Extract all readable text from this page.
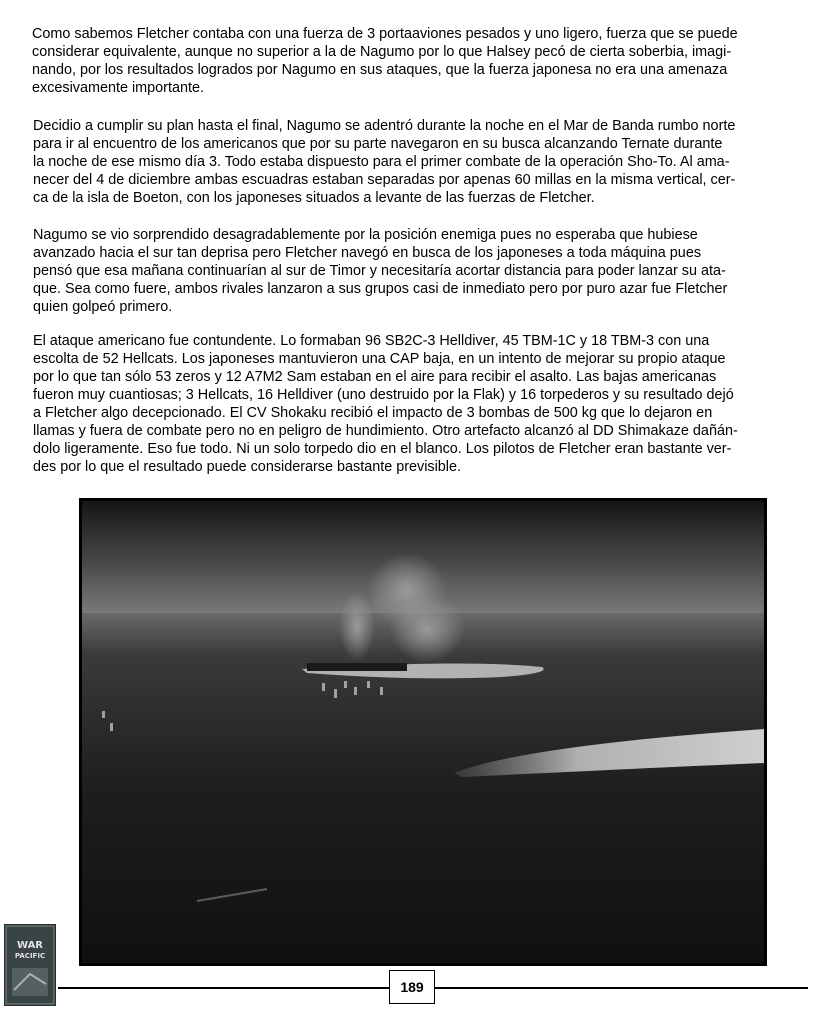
Como sabemos Fletcher contaba con una fuerza de 3 portaaviones pesados y uno ligero, fuerza que se puede
considerar equivalente, aunque no superior a la de Nagumo por lo que Halsey pecó de cierta soberbia, imagi-
nando, por los resultados logrados por Nagumo en sus ataques, que la fuerza japonesa no era una amenaza
excesivamente importante.
Decidio a cumplir su plan hasta el final, Nagumo se adentró durante la noche en el Mar de Banda rumbo norte
para ir al encuentro de los americanos que por su parte navegaron en su busca alcanzando Ternate durante
la noche de ese mismo día 3. Todo estaba dispuesto para el primer combate de la operación Sho-To. Al ama-
necer del 4 de diciembre ambas escuadras estaban separadas por apenas 60 millas en la misma vertical, cer-
ca de la isla de Boeton, con los japoneses situados a levante de las fuerzas de Fletcher.
Nagumo se vio sorprendido desagradablemente por la posición enemiga pues no esperaba que hubiese
avanzado hacia el sur tan deprisa pero Fletcher navegó en busca de los japoneses a toda máquina pues
pensó que esa mañana continuarían al sur de Timor y necesitaría acortar distancia para poder lanzar su ata-
que. Sea como fuere, ambos rivales lanzaron a sus grupos casi de inmediato pero por puro azar fue Fletcher
quien golpeó primero.
El ataque americano fue contundente. Lo formaban 96 SB2C-3 Helldiver, 45 TBM-1C y 18 TBM-3 con una
escolta de 52 Hellcats. Los japoneses mantuvieron una CAP baja, en un intento de mejorar su propio ataque
por lo que tan sólo 53 zeros y 12 A7M2 Sam estaban en el aire para recibir el asalto. Las bajas americanas
fueron muy cuantiosas; 3 Hellcats, 16 Helldiver (uno destruido por la Flak) y 16 torpederos y su resultado dejó
a Fletcher algo decepcionado. El CV Shokaku recibió el impacto de 3 bombas de 500 kg que lo dejaron en
llamas y fuera de combate pero no en peligro de hundimiento. Otro artefacto alcanzó al DD Shimakaze dañán-
dolo ligeramente. Eso fue todo. Ni un solo torpedo dio en el blanco. Los pilotos de Fletcher eran bastante ver-
des por lo que el resultado puede considerarse bastante previsible.
189
WAR
PACIFIC
